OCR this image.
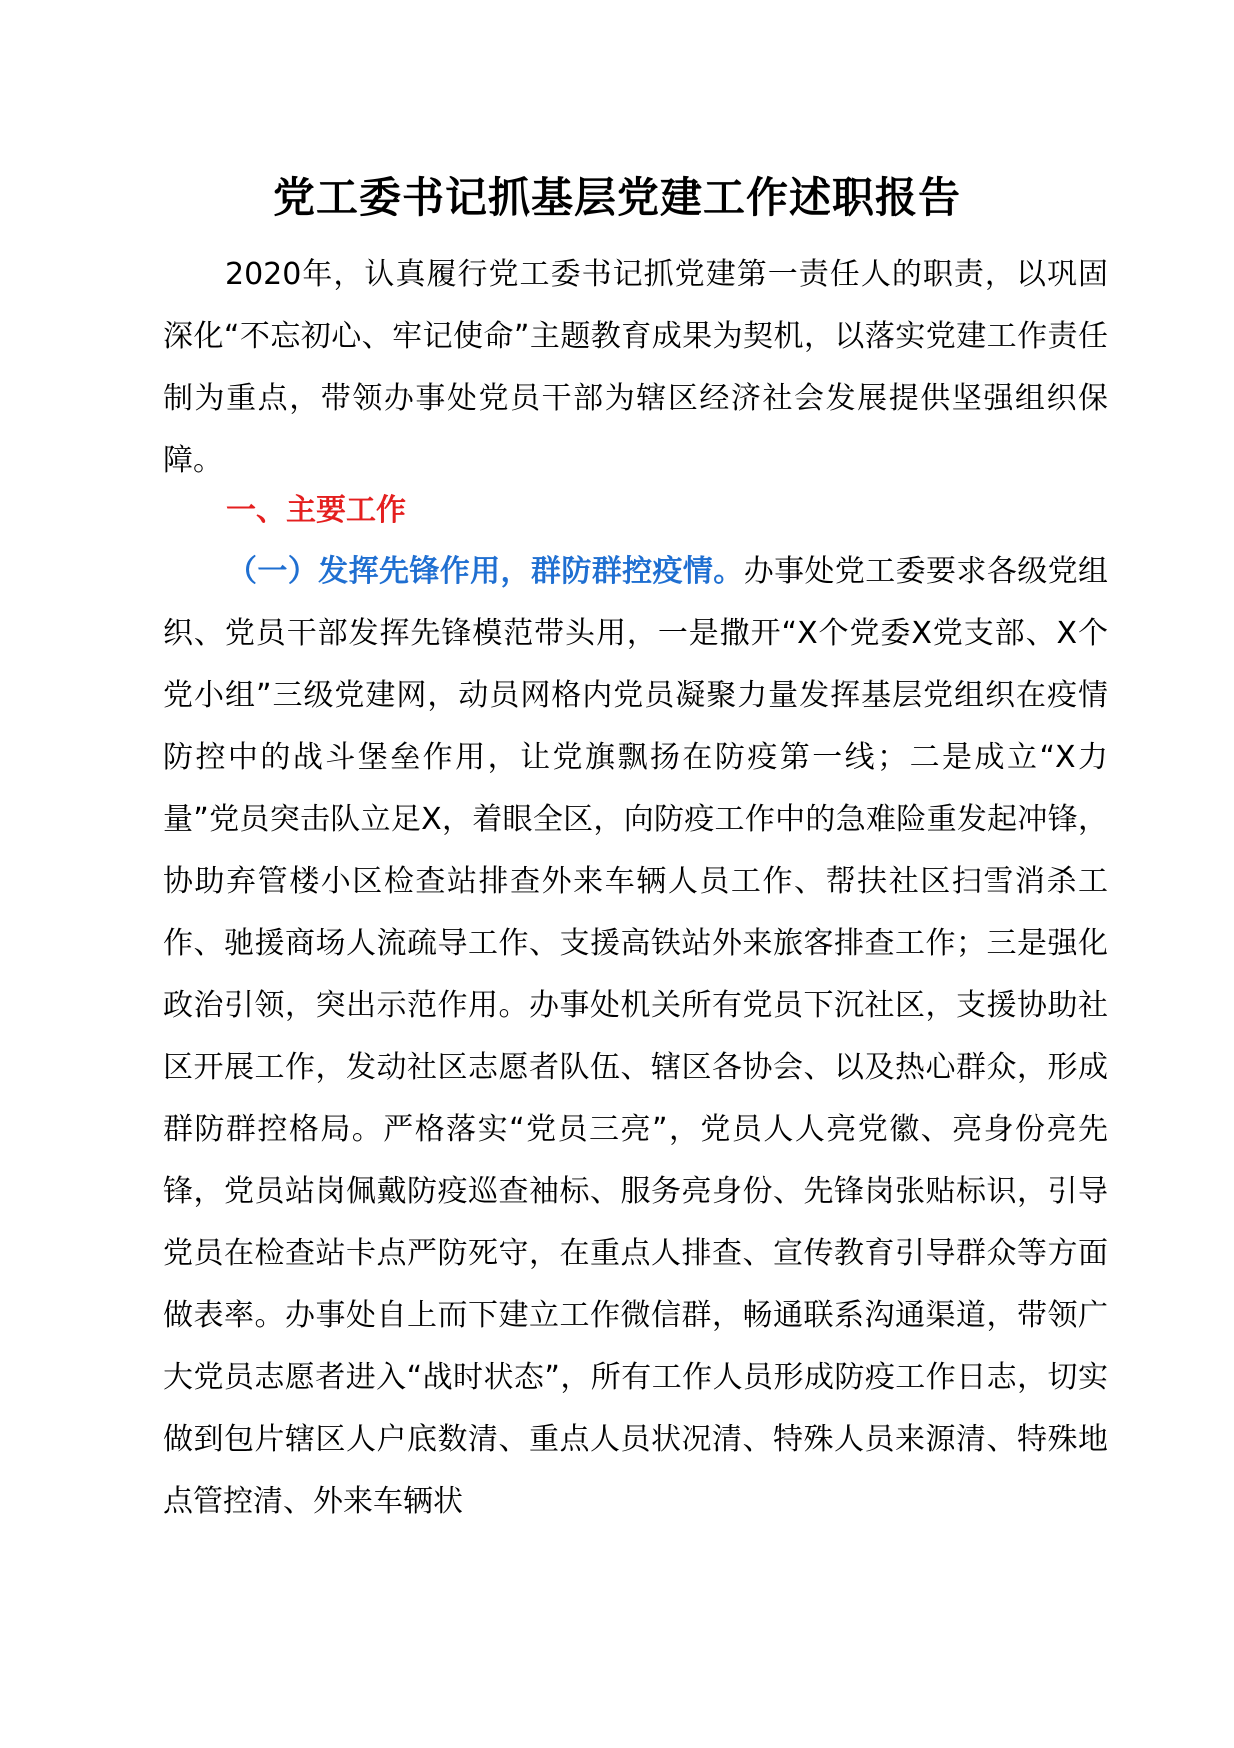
党工委书记抓基层党建工作述职报告

2020年，认真履行党工委书记抓党建第一责任人的职责，以巩固深化“不忘初心、牢记使命”主题教育成果为契机，以落实党建工作责任制为重点，带领办事处党员干部为辖区经济社会发展提供坚强组织保障。

一、主要工作

（一）发挥先锋作用，群防群控疫情。办事处党工委要求各级党组织、党员干部发挥先锋模范带头用，一是撒开“X个党委X党支部、X个党小组”三级党建网，动员网格内党员凝聚力量发挥基层党组织在疫情防控中的战斗堡垒作用，让党旗飘扬在防疫第一线；二是成立“X力量”党员突击队立足X，着眼全区，向防疫工作中的急难险重发起冲锋，协助弃管楼小区检查站排查外来车辆人员工作、帮扶社区扫雪消杀工作、驰援商场人流疏导工作、支援高铁站外来旅客排查工作；三是强化政治引领，突出示范作用。办事处机关所有党员下沉社区，支援协助社区开展工作，发动社区志愿者队伍、辖区各协会、以及热心群众，形成群防群控格局。严格落实“党员三亮”，党员人人亮党徽、亮身份亮先锋，党员站岗佩戴防疫巡查袖标、服务亮身份、先锋岗张贴标识，引导党员在检查站卡点严防死守，在重点人排查、宣传教育引导群众等方面做表率。办事处自上而下建立工作微信群，畅通联系沟通渠道，带领广大党员志愿者进入“战时状态”，所有工作人员形成防疫工作日志，切实做到包片辖区人户底数清、重点人员状况清、特殊人员来源清、特殊地点管控清、外来车辆状
